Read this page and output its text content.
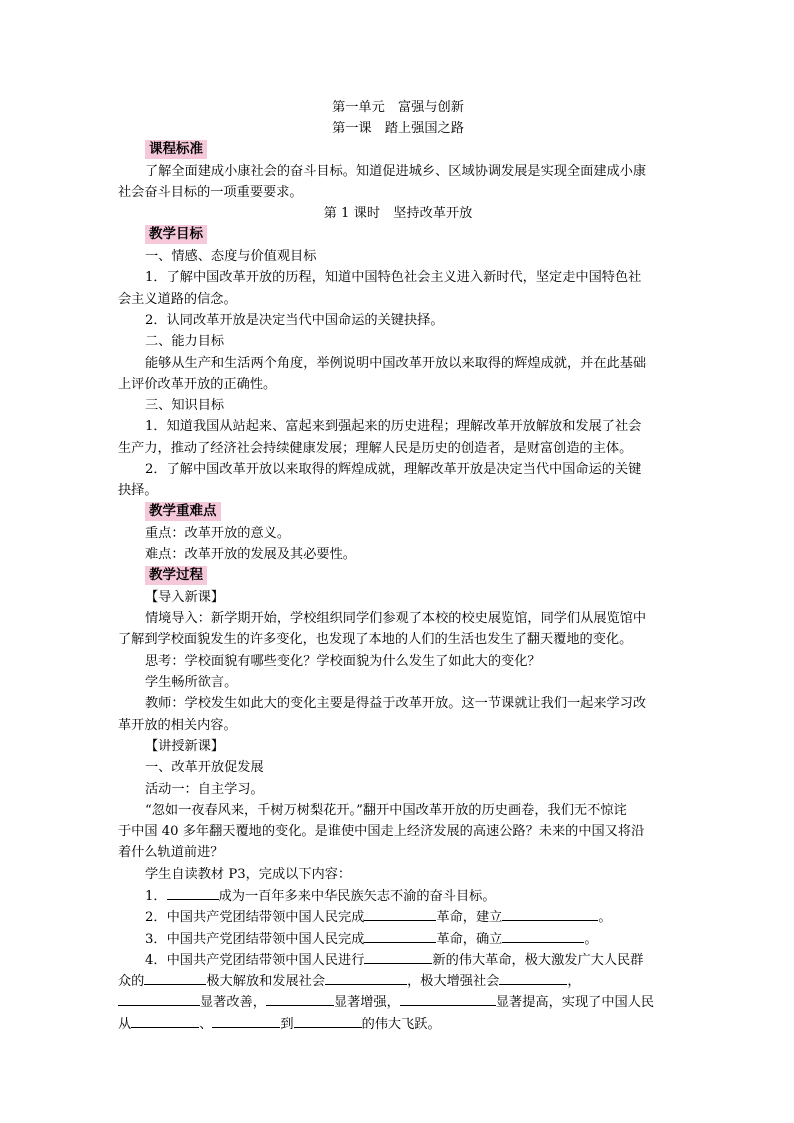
第一单元　富强与创新
第一课　踏上强国之路
课程标准
了解全面建成小康社会的奋斗目标。知道促进城乡、区域协调发展是实现全面建成小康
社会奋斗目标的一项重要要求。
第 1 课时　坚持改革开放
教学目标
一、情感、态度与价值观目标
1．了解中国改革开放的历程，知道中国特色社会主义进入新时代，坚定走中国特色社
会主义道路的信念。
2．认同改革开放是决定当代中国命运的关键抉择。
二、能力目标
能够从生产和生活两个角度，举例说明中国改革开放以来取得的辉煌成就，并在此基础
上评价改革开放的正确性。
三、知识目标
1．知道我国从站起来、富起来到强起来的历史进程；理解改革开放解放和发展了社会
生产力，推动了经济社会持续健康发展；理解人民是历史的创造者，是财富创造的主体。
2．了解中国改革开放以来取得的辉煌成就，理解改革开放是决定当代中国命运的关键
抉择。
教学重难点
重点：改革开放的意义。
难点：改革开放的发展及其必要性。
教学过程
【导入新课】
情境导入：新学期开始，学校组织同学们参观了本校的校史展览馆，同学们从展览馆中
了解到学校面貌发生的许多变化，也发现了本地的人们的生活也发生了翻天覆地的变化。
思考：学校面貌有哪些变化？学校面貌为什么发生了如此大的变化？
学生畅所欲言。
教师：学校发生如此大的变化主要是得益于改革开放。这一节课就让我们一起来学习改
革开放的相关内容。
【讲授新课】
一、改革开放促发展
活动一：自主学习。
“忽如一夜春风来，千树万树梨花开。”翻开中国改革开放的历史画卷，我们无不惊诧
于中国 40 多年翻天覆地的变化。是谁使中国走上经济发展的高速公路？未来的中国又将沿
着什么轨道前进？
学生自读教材 P3，完成以下内容：
1．	成为一百年多来中华民族矢志不渝的奋斗目标。
2．中国共产党团结带领中国人民完成	革命，建立	。
3．中国共产党团结带领中国人民完成	革命，确立	。
4．中国共产党团结带领中国人民进行	新的伟大革命，极大激发广大人民群
众的	极大解放和发展社会	，极大增强社会	，
显著改善，	显著增强，	显著提高，实现了中国人民
从	、	到	的伟大飞跃。
